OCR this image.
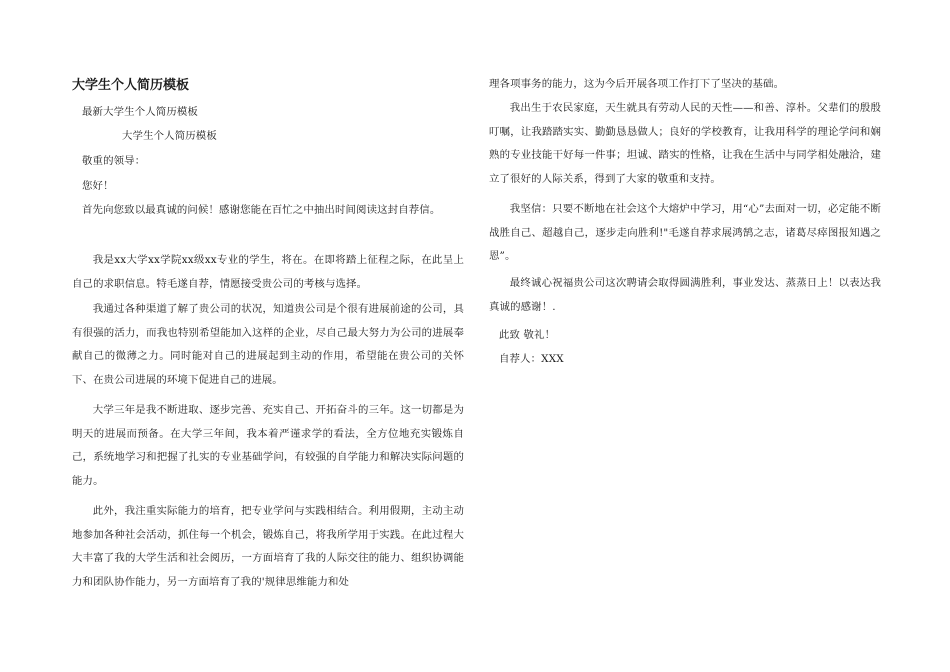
大学生个人简历模板
最新大学生个人简历模板
大学生个人简历模板
敬重的领导：
您好！
首先向您致以最真诚的问候！感谢您能在百忙之中抽出时间阅读这封自荐信。
我是xx大学xx学院xx级xx专业的学生，将在。在即将踏上征程之际，在此呈上自己的求职信息。特毛遂自荐，情愿接受贵公司的考核与选择。
我通过各种渠道了解了贵公司的状况，知道贵公司是个很有进展前途的公司，具有很强的活力，而我也特别希望能加入这样的企业，尽自己最大努力为公司的进展奉献自己的微薄之力。同时能对自己的进展起到主动的作用，希望能在贵公司的关怀下、在贵公司进展的环境下促进自己的进展。
大学三年是我不断进取、逐步完善、充实自己、开拓奋斗的三年。这一切都是为明天的进展而预备。在大学三年间，我本着严谨求学的看法，全方位地充实锻炼自己，系统地学习和把握了扎实的专业基础学问，有较强的自学能力和解决实际问题的能力。
此外，我注重实际能力的培育，把专业学问与实践相结合。利用假期，主动主动地参加各种社会活动，抓住每一个机会，锻炼自己，将我所学用于实践。在此过程大大丰富了我的大学生活和社会阅历，一方面培育了我的人际交往的能力、组织协调能力和团队协作能力，另一方面培育了我的'规律思维能力和处
理各项事务的能力，这为今后开展各项工作打下了坚决的基础。
我出生于农民家庭，天生就具有劳动人民的天性——和善、淳朴。父辈们的殷殷叮嘱，让我踏踏实实、勤勤恳恳做人；良好的学校教育，让我用科学的理论学问和娴熟的专业技能干好每一件事；坦诚、踏实的性格，让我在生活中与同学相处融洽，建立了很好的人际关系，得到了大家的敬重和支持。
我坚信：只要不断地在社会这个大熔炉中学习，用“心”去面对一切，必定能不断战胜自己、超越自己，逐步走向胜利!"毛遂自荐求展鸿鹄之志，诸葛尽瘁图报知遇之恩”。
最终诚心祝福贵公司这次聘请会取得圆满胜利，事业发达、蒸蒸日上！以表达我真诚的感谢！.
此致 敬礼！
自荐人：XXX
